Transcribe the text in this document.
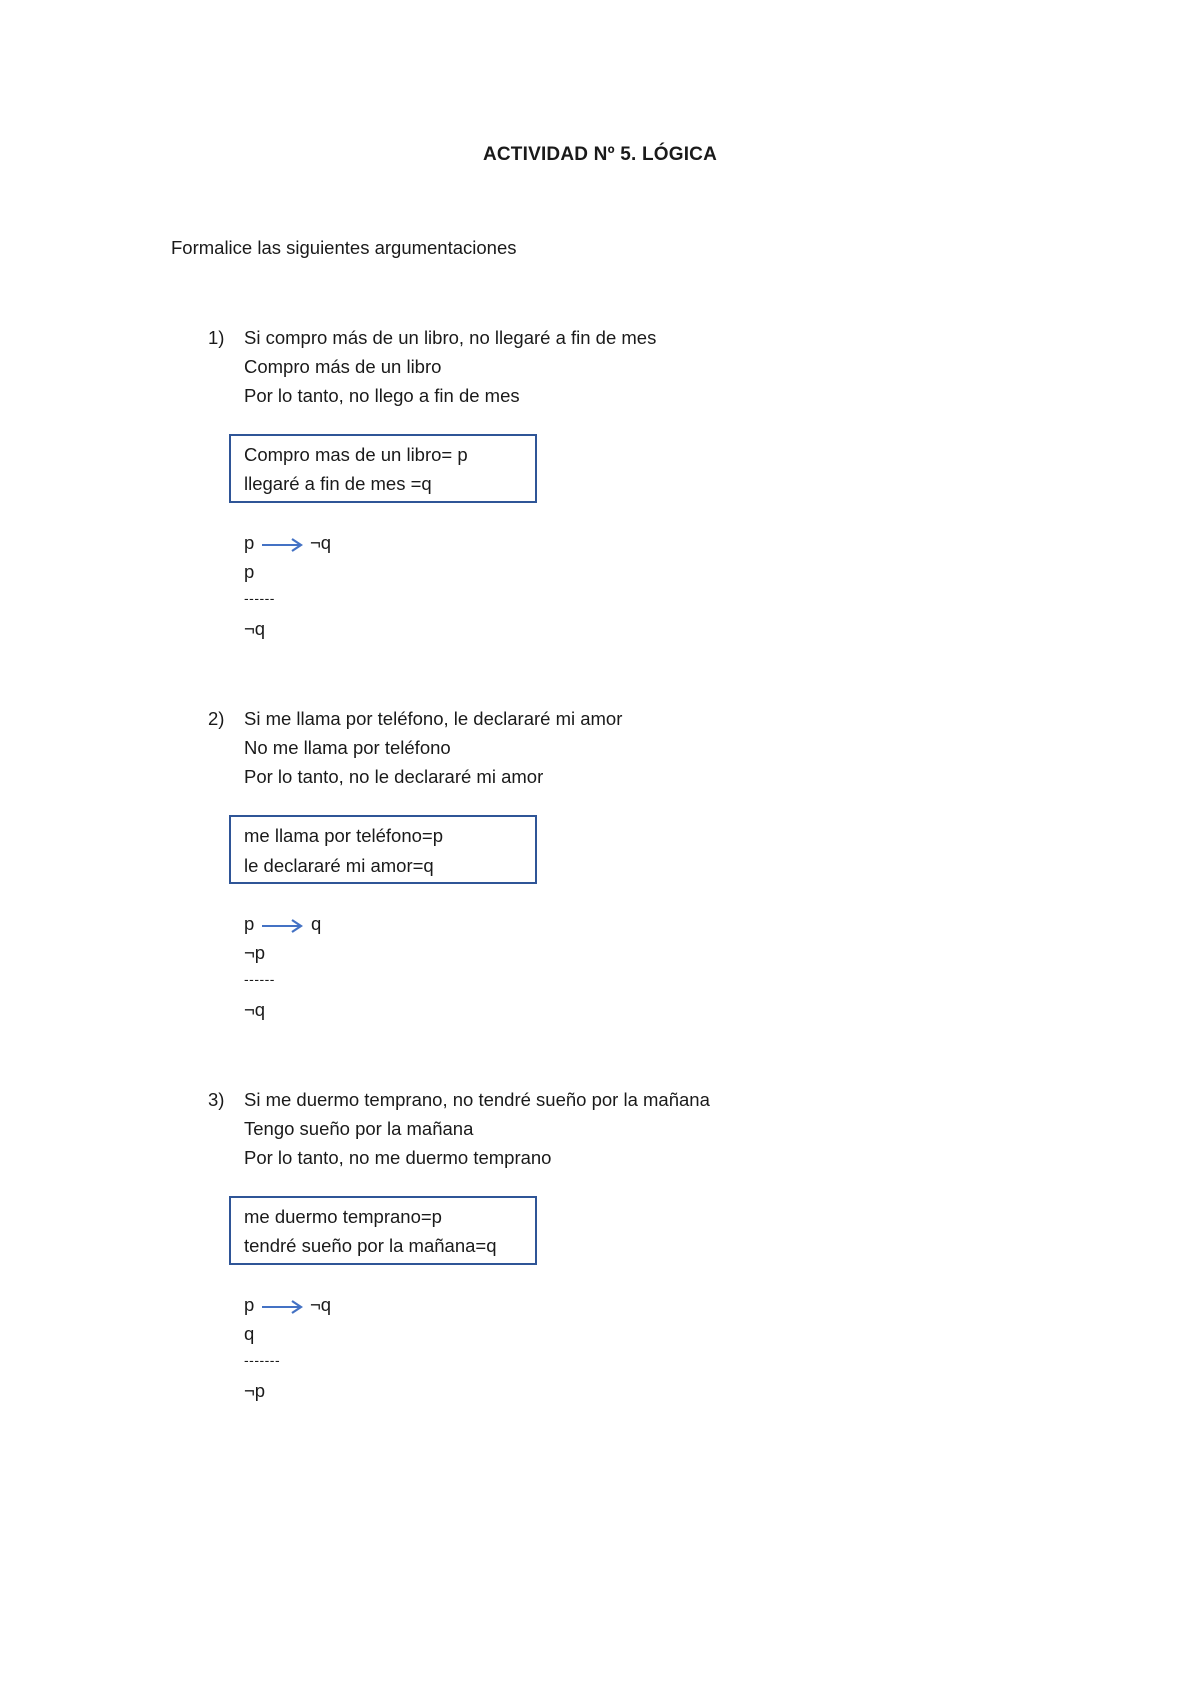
ACTIVIDAD Nº 5. LÓGICA
Formalice las siguientes argumentaciones
1) Si compro más de un libro, no llegaré a fin de mes
Compro más de un libro
Por lo tanto, no llego a fin de mes
Compro mas de un libro= p
llegaré a fin de mes =q
p	¬q
p
------
¬q
2) Si me llama por teléfono, le declararé mi amor
No me llama por teléfono
Por lo tanto, no le declararé mi amor
me llama por teléfono=p
le declararé mi amor=q
p	q
¬p
------
¬q
3) Si me duermo temprano, no tendré sueño por la mañana
Tengo sueño por la mañana
Por lo tanto, no me duermo temprano
me duermo temprano=p
tendré sueño por la mañana=q
p	¬q
q
-------
¬p
